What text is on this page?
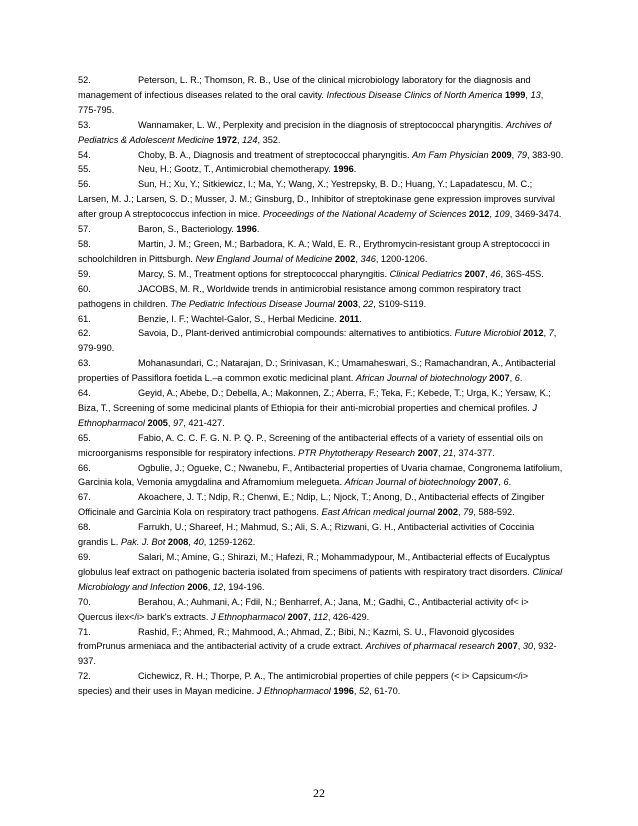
52.	Peterson, L. R.; Thomson, R. B., Use of the clinical microbiology laboratory for the diagnosis and management of infectious diseases related to the oral cavity. Infectious Disease Clinics of North America 1999, 13, 775-795.

53.	Wannamaker, L. W., Perplexity and precision in the diagnosis of streptococcal pharyngitis. Archives of Pediatrics & Adolescent Medicine 1972, 124, 352.

54.	Choby, B. A., Diagnosis and treatment of streptococcal pharyngitis. Am Fam Physician 2009, 79, 383-90.

55.	Neu, H.; Gootz, T., Antimicrobial chemotherapy. 1996.

56.	Sun, H.; Xu, Y.; Sitkiewicz, I.; Ma, Y.; Wang, X.; Yestrepsky, B. D.; Huang, Y.; Lapadatescu, M. C.; Larsen, M. J.; Larsen, S. D.; Musser, J. M.; Ginsburg, D., Inhibitor of streptokinase gene expression improves survival after group A streptococcus infection in mice. Proceedings of the National Academy of Sciences 2012, 109, 3469-3474.

57.	Baron, S., Bacteriology. 1996.

58.	Martin, J. M.; Green, M.; Barbadora, K. A.; Wald, E. R., Erythromycin-resistant group A streptococci in schoolchildren in Pittsburgh. New England Journal of Medicine 2002, 346, 1200-1206.

59.	Marcy, S. M., Treatment options for streptococcal pharyngitis. Clinical Pediatrics 2007, 46, 36S-45S.

60.	JACOBS, M. R., Worldwide trends in antimicrobial resistance among common respiratory tract pathogens in children. The Pediatric Infectious Disease Journal 2003, 22, S109-S119.

61.	Benzie, I. F.; Wachtel-Galor, S., Herbal Medicine. 2011.

62.	Savoia, D., Plant-derived antimicrobial compounds: alternatives to antibiotics. Future Microbiol 2012, 7, 979-990.

63.	Mohanasundari, C.; Natarajan, D.; Srinivasan, K.; Umamaheswari, S.; Ramachandran, A., Antibacterial properties of Passiflora foetida L.–a common exotic medicinal plant. African Journal of biotechnology 2007, 6.

64.	Geyid, A.; Abebe, D.; Debella, A.; Makonnen, Z.; Aberra, F.; Teka, F.; Kebede, T.; Urga, K.; Yersaw, K.; Biza, T., Screening of some medicinal plants of Ethiopia for their anti-microbial properties and chemical profiles. J Ethnopharmacol 2005, 97, 421-427.

65.	Fabio, A. C. C. F. G. N. P. Q. P., Screening of the antibacterial effects of a variety of essential oils on microorganisms responsible for respiratory infections. PTR Phytotherapy Research 2007, 21, 374-377.

66.	Ogbulie, J.; Ogueke, C.; Nwanebu, F., Antibacterial properties of Uvaria chamae, Congronema latifolium, Garcinia kola, Vemonia amygdalina and Aframomium melegueta. African Journal of biotechnology 2007, 6.

67.	Akoachere, J. T.; Ndip, R.; Chenwi, E.; Ndip, L.; Njock, T.; Anong, D., Antibacterial effects of Zingiber Officinale and Garcinia Kola on respiratory tract pathogens. East African medical journal 2002, 79, 588-592.

68.	Farrukh, U.; Shareef, H.; Mahmud, S.; Ali, S. A.; Rizwani, G. H., Antibacterial activities of Coccinia grandis L. Pak. J. Bot 2008, 40, 1259-1262.

69.	Salari, M.; Amine, G.; Shirazi, M.; Hafezi, R.; Mohammadypour, M., Antibacterial effects of Eucalyptus globulus leaf extract on pathogenic bacteria isolated from specimens of patients with respiratory tract disorders. Clinical Microbiology and Infection 2006, 12, 194-196.

70.	Berahou, A.; Auhmani, A.; Fdil, N.; Benharref, A.; Jana, M.; Gadhi, C., Antibacterial activity of< i> Quercus ilex</i> bark's extracts. J Ethnopharmacol 2007, 112, 426-429.

71.	Rashid, F.; Ahmed, R.; Mahmood, A.; Ahmad, Z.; Bibi, N.; Kazmi, S. U., Flavonoid glycosides fromPrunus armeniaca and the antibacterial activity of a crude extract. Archives of pharmacal research 2007, 30, 932-937.

72.	Cichewicz, R. H.; Thorpe, P. A., The antimicrobial properties of chile peppers (< i> Capsicum</i> species) and their uses in Mayan medicine. J Ethnopharmacol 1996, 52, 61-70.

22
